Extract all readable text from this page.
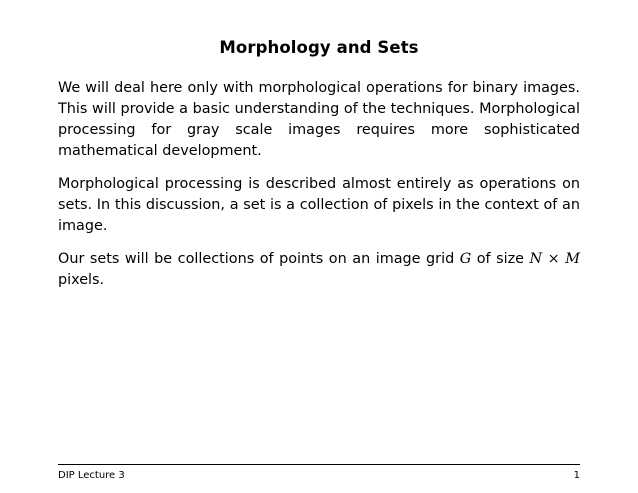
Morphology and Sets

We will deal here only with morphological operations for binary images. This will provide a basic understanding of the techniques. Morphological processing for gray scale images requires more sophisticated mathematical development.

Morphological processing is described almost entirely as operations on sets. In this discussion, a set is a collection of pixels in the context of an image.

Our sets will be collections of points on an image grid G of size N × M pixels.

DIP Lecture 3	1
